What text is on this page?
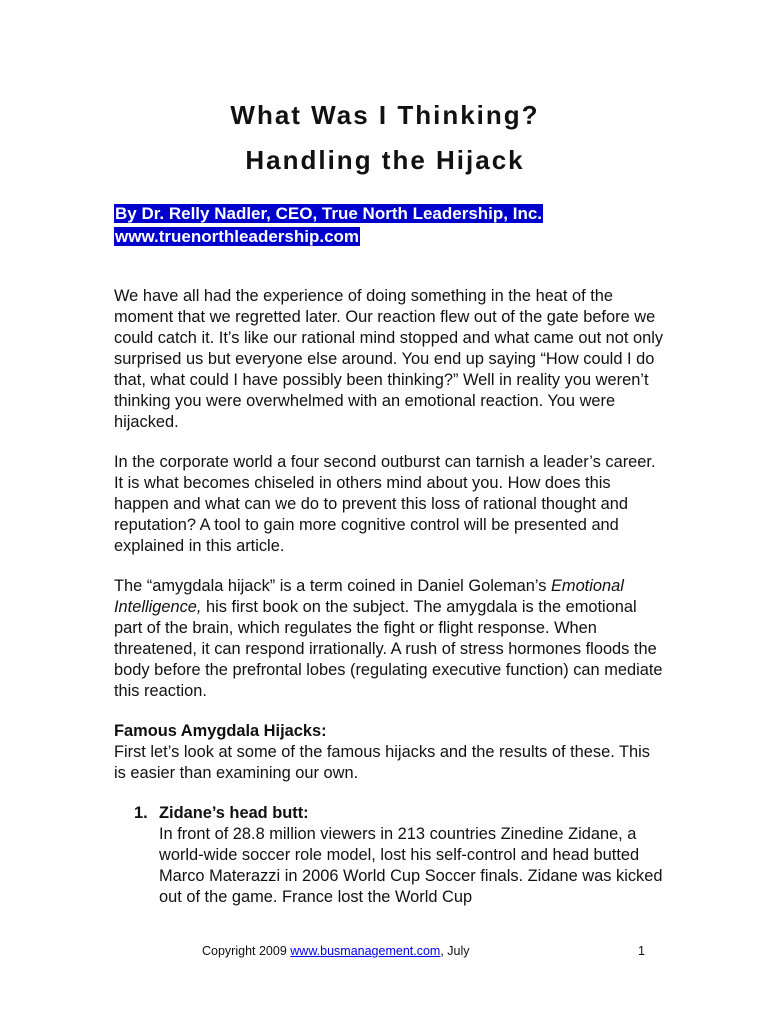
What Was I Thinking?
Handling the Hijack
By Dr. Relly Nadler, CEO, True North Leadership, Inc.
www.truenorthleadership.com

We have all had the experience of doing something in the heat of the moment that we regretted later. Our reaction flew out of the gate before we could catch it. It’s like our rational mind stopped and what came out not only surprised us but everyone else around. You end up saying “How could I do that, what could I have possibly been thinking?” Well in reality you weren’t thinking you were overwhelmed with an emotional reaction. You were hijacked.

In the corporate world a four second outburst can tarnish a leader’s career. It is what becomes chiseled in others mind about you. How does this happen and what can we do to prevent this loss of rational thought and reputation? A tool to gain more cognitive control will be presented and explained in this article.

The “amygdala hijack” is a term coined in Daniel Goleman’s Emotional Intelligence, his first book on the subject. The amygdala is the emotional part of the brain, which regulates the fight or flight response. When threatened, it can respond irrationally. A rush of stress hormones floods the body before the prefrontal lobes (regulating executive function) can mediate this reaction.

Famous Amygdala Hijacks:

First let’s look at some of the famous hijacks and the results of these. This is easier than examining our own.

1. Zidane’s head butt:
In front of 28.8 million viewers in 213 countries Zinedine Zidane, a world-wide soccer role model, lost his self-control and head butted Marco Materazzi in 2006 World Cup Soccer finals. Zidane was kicked out of the game. France lost the World Cup
Copyright 2009 www.busmanagement.com, July	1
